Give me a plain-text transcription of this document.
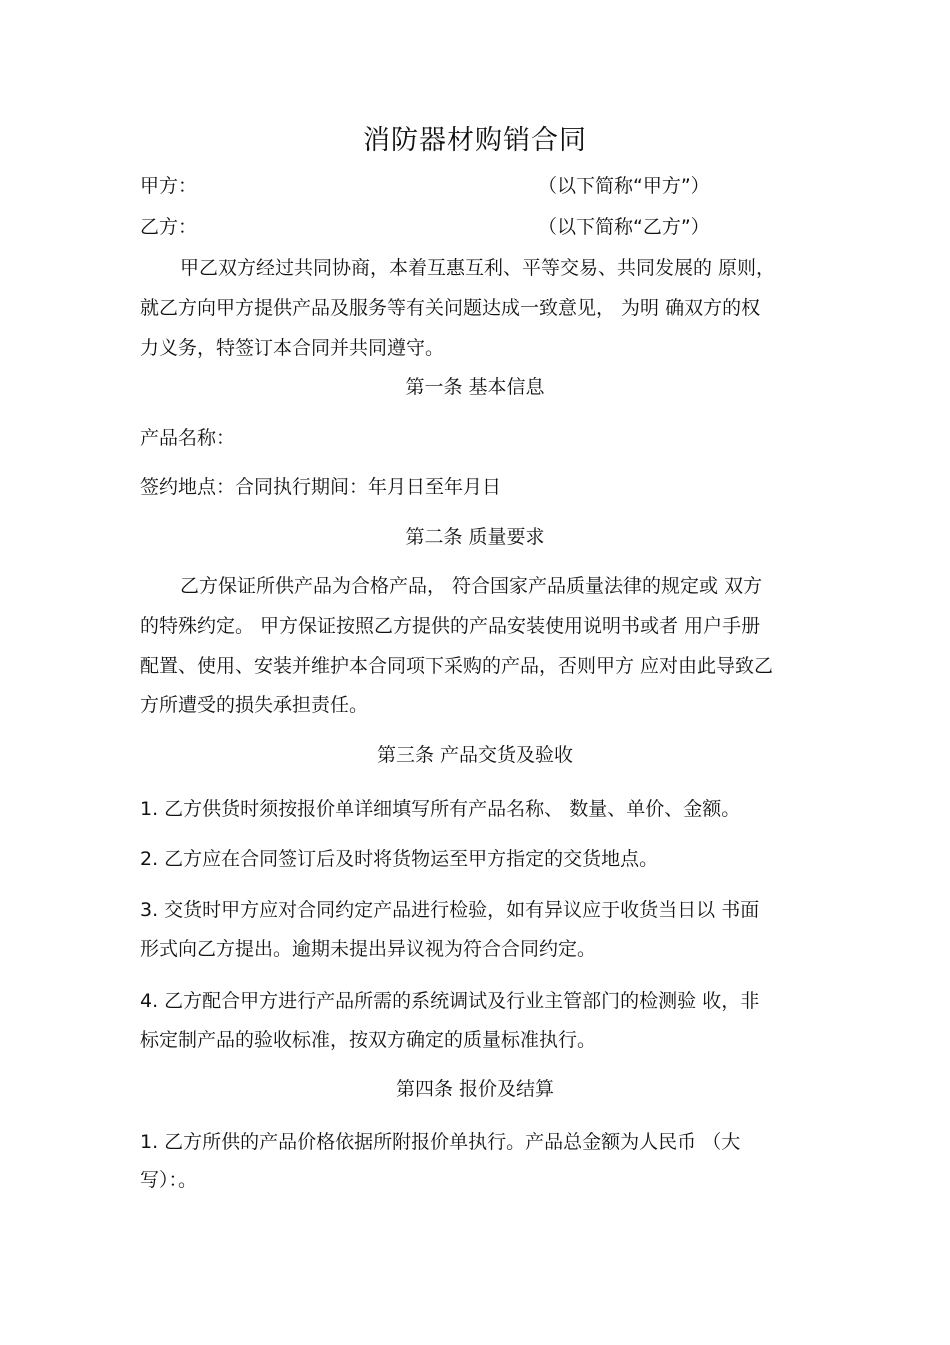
消防器材购销合同
甲方：	（以下简称“甲方”）
乙方：	（以下简称“乙方”）
甲乙双方经过共同协商，本着互惠互利、平等交易、共同发展的 原则，
就乙方向甲方提供产品及服务等有关问题达成一致意见， 为明 确双方的权
力义务，特签订本合同并共同遵守。
第一条 基本信息
产品名称：
签约地点：合同执行期间：年月日至年月日
第二条 质量要求
乙方保证所供产品为合格产品， 符合国家产品质量法律的规定或 双方
的特殊约定。 甲方保证按照乙方提供的产品安装使用说明书或者 用户手册
配置、使用、安装并维护本合同项下采购的产品，否则甲方 应对由此导致乙
方所遭受的损失承担责任。
第三条 产品交货及验收
1. 乙方供货时须按报价单详细填写所有产品名称、 数量、单价、金额。
2. 乙方应在合同签订后及时将货物运至甲方指定的交货地点。
3. 交货时甲方应对合同约定产品进行检验，如有异议应于收货当日以 书面
形式向乙方提出。逾期未提出异议视为符合合同约定。
4. 乙方配合甲方进行产品所需的系统调试及行业主管部门的检测验 收，非
标定制产品的验收标准，按双方确定的质量标准执行。
第四条 报价及结算
1. 乙方所供的产品价格依据所附报价单执行。产品总金额为人民币 （大
写）：。
